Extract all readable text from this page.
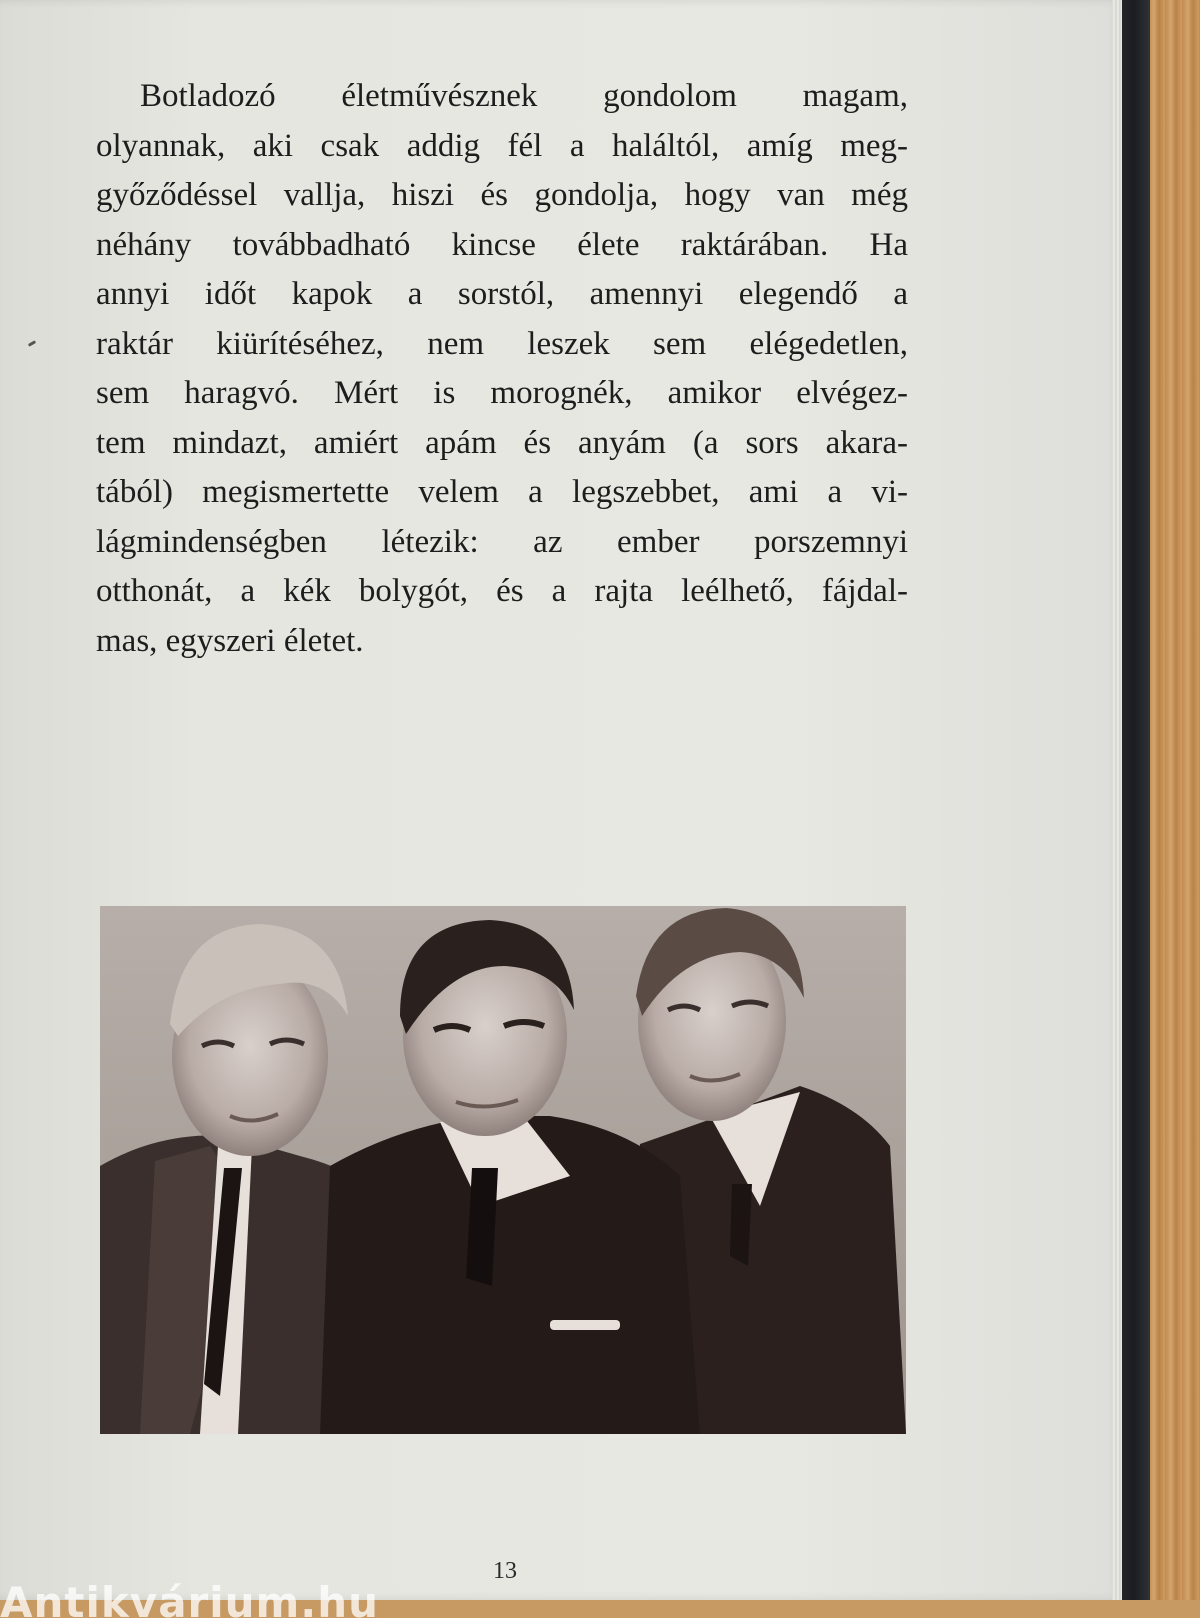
Botladozó életművésznek gondolom magam,
olyannak, aki csak addig fél a haláltól, amíg meg-
győződéssel vallja, hiszi és gondolja, hogy van még
néhány továbbadható kincse élete raktárában. Ha
annyi időt kapok a sorstól, amennyi elegendő a
raktár kiürítéséhez, nem leszek sem elégedetlen,
sem haragvó. Mért is morognék, amikor elvégez-
tem mindazt, amiért apám és anyám (a sors akara-
tából) megismertette velem a legszebbet, ami a vi-
lágmindenségben létezik: az ember porszemnyi
otthonát, a kék bolygót, és a rajta leélhető, fájdal-
mas, egyszeri életet.
13
Antikvárium.hu
